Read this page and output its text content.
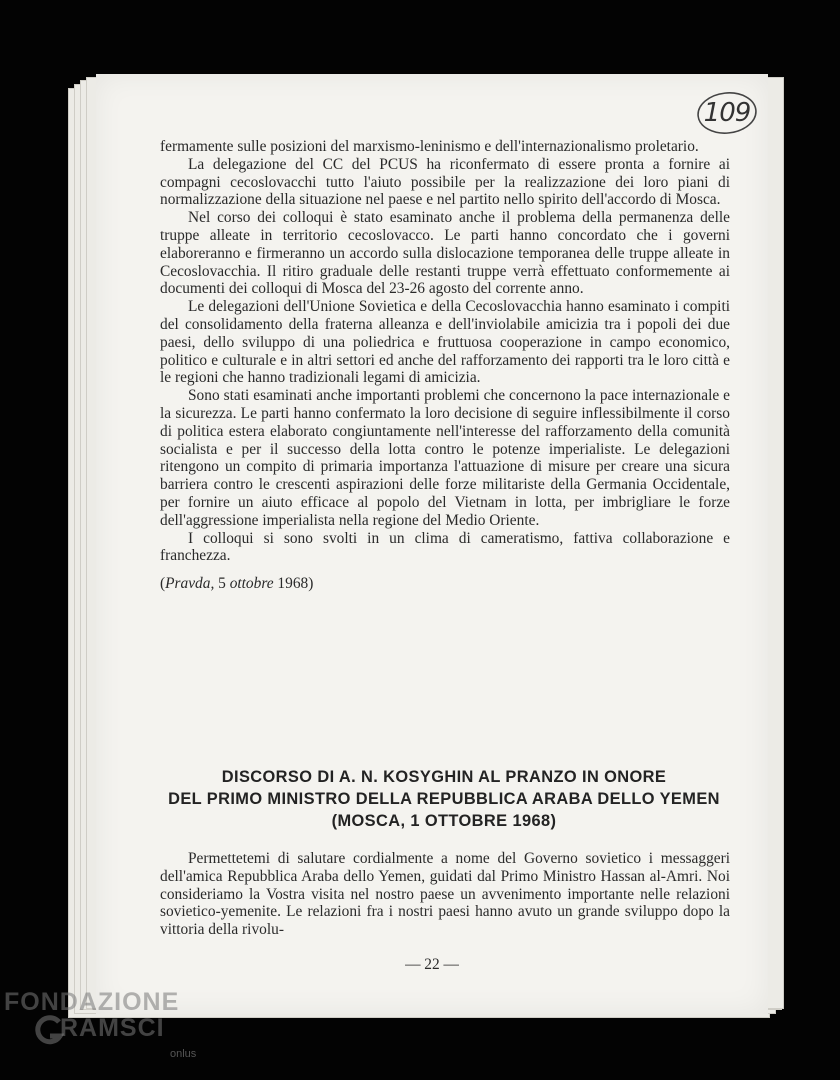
109

fermamente sulle posizioni del marxismo-leninismo e dell'internazionalismo proletario.

La delegazione del CC del PCUS ha riconfermato di essere pronta a fornire ai compagni cecoslovacchi tutto l'aiuto possibile per la realizzazione dei loro piani di normalizzazione della situazione nel paese e nel partito nello spirito dell'accordo di Mosca.

Nel corso dei colloqui è stato esaminato anche il problema della permanenza delle truppe alleate in territorio cecoslovacco. Le parti hanno concordato che i governi elaboreranno e firmeranno un accordo sulla dislocazione temporanea delle truppe alleate in Cecoslovacchia. Il ritiro graduale delle restanti truppe verrà effettuato conformemente ai documenti dei colloqui di Mosca del 23-26 agosto del corrente anno.

Le delegazioni dell'Unione Sovietica e della Cecoslovacchia hanno esaminato i compiti del consolidamento della fraterna alleanza e dell'inviolabile amicizia tra i popoli dei due paesi, dello sviluppo di una poliedrica e fruttuosa cooperazione in campo economico, politico e culturale e in altri settori ed anche del rafforzamento dei rapporti tra le loro città e le regioni che hanno tradizionali legami di amicizia.

Sono stati esaminati anche importanti problemi che concernono la pace internazionale e la sicurezza. Le parti hanno confermato la loro decisione di seguire inflessibilmente il corso di politica estera elaborato congiuntamente nell'interesse del rafforzamento della comunità socialista e per il successo della lotta contro le potenze imperialiste. Le delegazioni ritengono un compito di primaria importanza l'attuazione di misure per creare una sicura barriera contro le crescenti aspirazioni delle forze militariste della Germania Occidentale, per fornire un aiuto efficace al popolo del Vietnam in lotta, per imbrigliare le forze dell'aggressione imperialista nella regione del Medio Oriente.

I colloqui si sono svolti in un clima di cameratismo, fattiva collaborazione e franchezza.

(Pravda, 5 ottobre 1968)

DISCORSO DI A. N. KOSYGHIN AL PRANZO IN ONORE
DEL PRIMO MINISTRO DELLA REPUBBLICA ARABA DELLO YEMEN
(MOSCA, 1 OTTOBRE 1968)

Permettetemi di salutare cordialmente a nome del Governo sovietico i messaggeri dell'amica Repubblica Araba dello Yemen, guidati dal Primo Ministro Hassan al-Amri. Noi consideriamo la Vostra visita nel nostro paese un avvenimento importante nelle relazioni sovietico-yemenite. Le relazioni fra i nostri paesi hanno avuto un grande sviluppo dopo la vittoria della rivolu-

— 22 —
FONDAZIONE
RAMSCI
onlus
